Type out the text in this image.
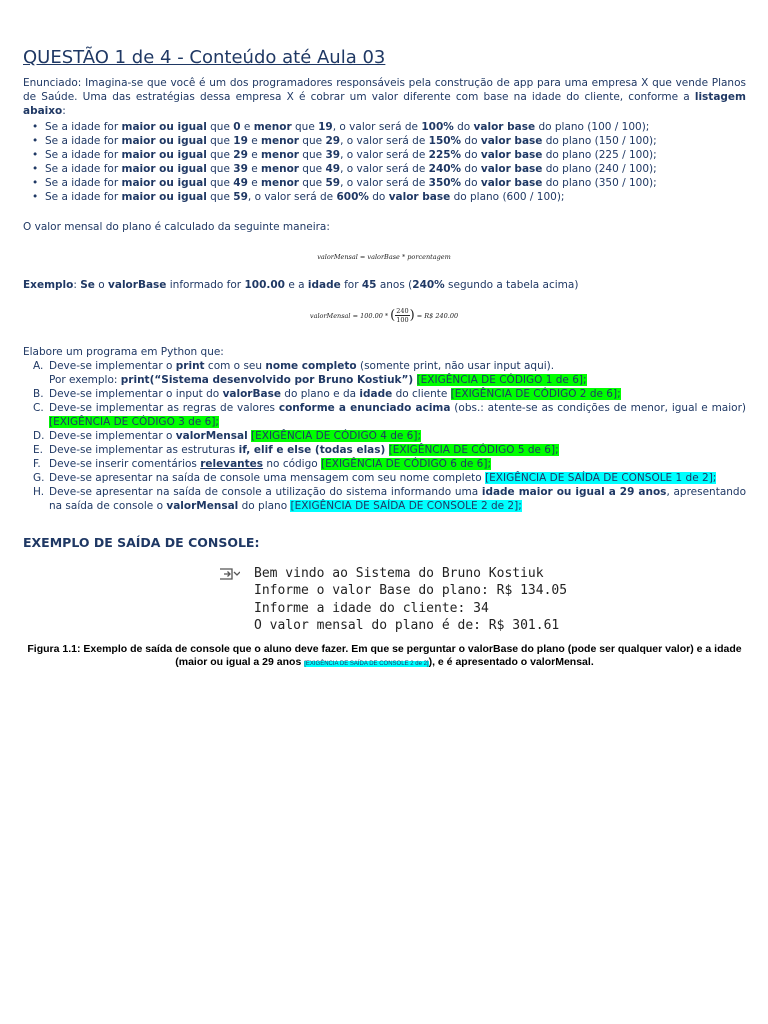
QUESTÃO 1 de 4 - Conteúdo até Aula 03
Enunciado: Imagina-se que você é um dos programadores responsáveis pela construção de app para uma empresa X que vende Planos de Saúde. Uma das estratégias dessa empresa X é cobrar um valor diferente com base na idade do cliente, conforme a listagem abaixo:
• Se a idade for maior ou igual que 0 e menor que 19, o valor será de 100% do valor base do plano (100 / 100);
• Se a idade for maior ou igual que 19 e menor que 29, o valor será de 150% do valor base do plano (150 / 100);
• Se a idade for maior ou igual que 29 e menor que 39, o valor será de 225% do valor base do plano (225 / 100);
• Se a idade for maior ou igual que 39 e menor que 49, o valor será de 240% do valor base do plano (240 / 100);
• Se a idade for maior ou igual que 49 e menor que 59, o valor será de 350% do valor base do plano (350 / 100);
• Se a idade for maior ou igual que 59, o valor será de 600% do valor base do plano (600 / 100);
O valor mensal do plano é calculado da seguinte maneira:
valorMensal = valorBase * porcentagem
Exemplo: Se o valorBase informado for 100.00 e a idade for 45 anos (240% segundo a tabela acima)
valorMensal = 100.00 * ( $\frac{240}{100}$ ) = R$ 240.00
Elabore um programa em Python que:
A. Deve-se implementar o print com o seu nome completo (somente print, não usar input aqui).
Por exemplo: print(“Sistema desenvolvido por Bruno Kostiuk”) [EXIGÊNCIA DE CÓDIGO 1 de 6];
B. Deve-se implementar o input do valorBase do plano e da idade do cliente [EXIGÊNCIA DE CÓDIGO 2 de 6];
C. Deve-se implementar as regras de valores conforme a enunciado acima (obs.: atente-se as condições de menor, igual e maior) [EXIGÊNCIA DE CÓDIGO 3 de 6];
D. Deve-se implementar o valorMensal [EXIGÊNCIA DE CÓDIGO 4 de 6];
E. Deve-se implementar as estruturas if, elif e else (todas elas) [EXIGÊNCIA DE CÓDIGO 5 de 6];
F. Deve-se inserir comentários relevantes no código [EXIGÊNCIA DE CÓDIGO 6 de 6];
G. Deve-se apresentar na saída de console uma mensagem com seu nome completo [EXIGÊNCIA DE SAÍDA DE CONSOLE 1 de 2];
H. Deve-se apresentar na saída de console a utilização do sistema informando uma idade maior ou igual a 29 anos, apresentando na saída de console o valorMensal do plano [EXIGÊNCIA DE SAÍDA DE CONSOLE 2 de 2];
EXEMPLO DE SAÍDA DE CONSOLE:
Bem vindo ao Sistema do Bruno Kostiuk
Informe o valor Base do plano: R$ 134.05
Informe a idade do cliente: 34
O valor mensal do plano é de: R$ 301.61
Figura 1.1: Exemplo de saída de console que o aluno deve fazer. Em que se perguntar o valorBase do plano (pode ser qualquer valor) e a idade (maior ou igual a 29 anos [EXIGÊNCIA DE SAÍDA DE CONSOLE 2 de 2]), e é apresentado o valorMensal.
